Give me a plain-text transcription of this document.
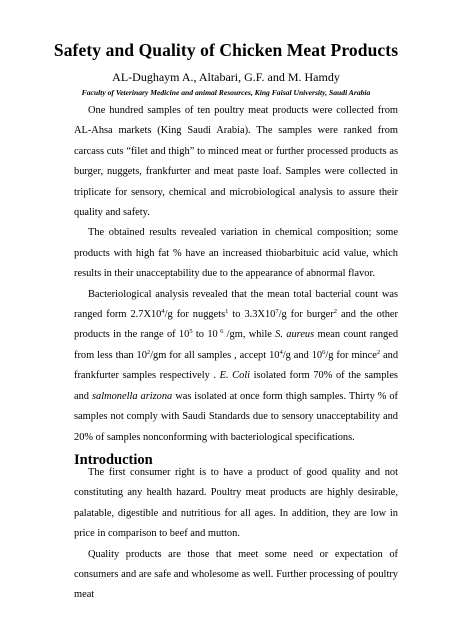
Safety and Quality of Chicken Meat Products
AL-Dughaym A., Altabari, G.F. and M. Hamdy
Faculty of Veterinary Medicine and animal Resources, King Faisal University, Saudi Arabia

One hundred samples of ten poultry meat products were collected from AL-Ahsa markets (King Saudi Arabia). The samples were ranked from carcass cuts “filet and thigh” to minced meat or further processed products as burger, nuggets, frankfurter and meat paste loaf. Samples were collected in triplicate for sensory, chemical and microbiological analysis to assure their quality and safety.

The obtained results revealed variation in chemical composition; some products with high fat % have an increased thiobarbituic acid value, which results in their unacceptability due to the appearance of abnormal flavor.

Bacteriological analysis revealed that the mean total bacterial count was ranged form $2.7X10^4/g$ for nuggets$^1$ to $3.3X10^7/g$ for burger$^2$ and the other products in the range of $10^5$ to 10 $^6$ /gm, while S. aureus mean count ranged from less than $10^2/gm$ for all samples , accept $10^4/g$ and $10^6/g$ for mince$^2$ and frankfurter samples respectively . E. Coli isolated form 70% of the samples and salmonella arizona was isolated at once form thigh samples. Thirty % of samples not comply with Saudi Standards due to sensory unacceptability and 20% of samples nonconforming with bacteriological specifications.

Introduction

The first consumer right is to have a product of good quality and not constituting any health hazard. Poultry meat products are highly desirable, palatable, digestible and nutritious for all ages. In addition, they are low in price in comparison to beef and mutton.

Quality products are those that meet some need or expectation of consumers and are safe and wholesome as well. Further processing of poultry meat
